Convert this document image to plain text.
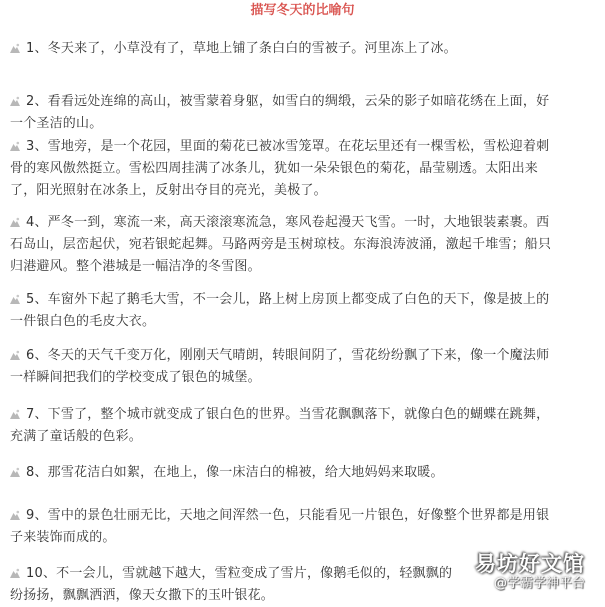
描写冬天的比喻句
1、冬天来了，小草没有了，草地上铺了条白白的雪被子。河里冻上了冰。
2、看看远处连绵的高山，被雪蒙着身躯，如雪白的绸缎，云朵的影子如暗花绣在上面，好
一个圣洁的山。
3、雪地旁，是一个花园，里面的菊花已被冰雪笼罩。在花坛里还有一棵雪松，雪松迎着刺
骨的寒风傲然挺立。雪松四周挂满了冰条儿，犹如一朵朵银色的菊花，晶莹剔透。太阳出来
了，阳光照射在冰条上，反射出夺目的亮光，美极了。
4、严冬一到，寒流一来，高天滚滚寒流急，寒风卷起漫天飞雪。一时，大地银装素裹。西
石岛山，层峦起伏，宛若银蛇起舞。马路两旁是玉树琼枝。东海浪涛波涌，激起千堆雪；船只
归港避风。整个港城是一幅洁净的冬雪图。
5、车窗外下起了鹅毛大雪，不一会儿，路上树上房顶上都变成了白色的天下，像是披上的
一件银白色的毛皮大衣。
6、冬天的天气千变万化，刚刚天气晴朗，转眼间阴了，雪花纷纷飘了下来，像一个魔法师
一样瞬间把我们的学校变成了银色的城堡。
7、下雪了，整个城市就变成了银白色的世界。当雪花飘飘落下，就像白色的蝴蝶在跳舞，
充满了童话般的色彩。
8、那雪花洁白如絮，在地上，像一床洁白的棉被，给大地妈妈来取暖。
9、雪中的景色壮丽无比，天地之间浑然一色，只能看见一片银色，好像整个世界都是用银
子来装饰而成的。
10、不一会儿，雪就越下越大，雪粒变成了雪片，像鹅毛似的，轻飘飘的
纷扬扬，飘飘洒洒，像天女撒下的玉叶银花。
易坊好文馆
@学霸学神平台
